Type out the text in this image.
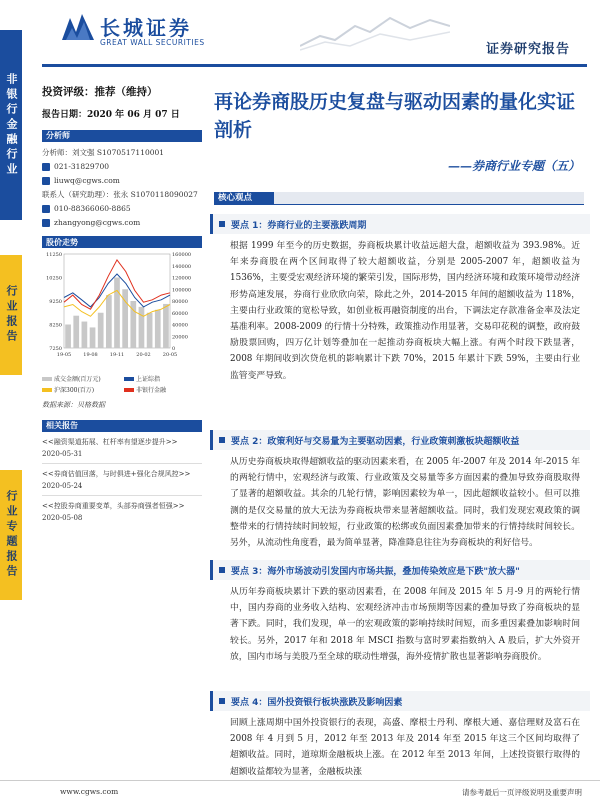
长城证券
GREAT WALL SECURITIES	证券研究报告
非银行金融行业
行业报告
行业专题报告
投资评级：推荐（维持）
报告日期：2020 年 06 月 07 日
分析师
分析师：刘文强 S1070517110001
021-31829700
liuwq@cgws.com
联系人（研究助理）：张永 S1070118090027
010-88366060-8865
zhangyong@cgws.com
股价走势
11250
10250
9250
8250
7250
160000
140000
120000
100000
80000
60000
40000
20000
0
19-05 19-08 19-11 20-02 20-05
成交金额(百万元)	上证综指
沪深300(百万)	非银行金融
数据来源：贝格数据
相关报告
<<融资渠道拓展、杠杆率有望逐步提升>>
2020-05-31
<<券商估值回落，与时俱进+强化合规风控>>
2020-05-24
<<控股券商重要变革，头部券商强者恒强>>
2020-05-08
再论券商股历史复盘与驱动因素的量化实证剖析
——券商行业专题（五）
核心观点
要点 1：券商行业的主要涨跌周期
根据 1999 年至今的历史数据，券商板块累计收益远超大盘，超额收益为 393.98%。近年来券商股在两个区间取得了较大超额收益，分别是 2005-2007 年，超额收益为 1536%，主要受宏观经济环境的繁荣引发，国际形势，国内经济环境和政策环境带动经济形势高速发展，券商行业欣欣向荣，除此之外，2014-2015 年间的超额收益为 118%，主要由行业政策的宽松导致，如创业板再融资制度的出台，下调法定存款准备金率及法定基准利率。2008-2009 的行情十分特殊，政策推动作用显著，交易印花税的调整，政府鼓励股票回购，四万亿计划等叠加在一起推动券商板块大幅上涨。有两个时段下跌显著，2008 年期间收到次贷危机的影响累计下跌 70%，2015 年累计下跌 59%，主要由行业监管变严导致。
要点 2：政策利好与交易量为主要驱动因素，行业政策刺激板块超额收益
从历史券商板块取得超额收益的驱动因素来看，在 2005 年-2007 年及 2014 年-2015 年的两轮行情中，宏观经济与政策、行业政策及交易量等多方面因素的叠加导致券商股取得了显著的超额收益。其余的几轮行情，影响因素较为单一，因此超额收益较小。但可以推测的是仅交易量的放大无法为券商板块带来显著超额收益。同时，我们发现宏观政策的调整带来的行情持续时间较短，行业政策的松绑或负面因素叠加带来的行情持续时间较长。另外，从流动性角度看，最为简单显著，降准降息往往为券商板块的利好信号。
要点 3：海外市场波动引发国内市场共振，叠加传染效应是下跌"放大器"
从历年券商板块累计下跌的驱动因素看，在 2008 年间及 2015 年 5 月-9 月的两轮行情中，国内券商的业务收入结构、宏观经济冲击市场预期等因素的叠加导致了券商板块的显著下跌。同时，我们发现，单一的宏观政策的影响持续时间短，而多重因素叠加影响时间较长。另外，2017 年和 2018 年 MSCI 指数与富时罗素指数纳入 A 股后，扩大外资开放，国内市场与美股乃至全球的联动性增强，海外疫情扩散也显著影响券商股价。
要点 4：国外投资银行板块涨跌及影响因素
回顾上涨周期中国外投资银行的表现，高盛、摩根士丹利、摩根大通、嘉信理财及富石在 2008 年 4 月到 5 月，2012 年至 2013 年及 2014 年至 2015 年这三个区间均取得了超额收益。同时，道琼斯金融板块上涨。在 2012 年至 2013 年间，上述投资银行取得的超额收益都较为显著，金融板块涨
www.cgws.com	请参考最后一页评级说明及重要声明
